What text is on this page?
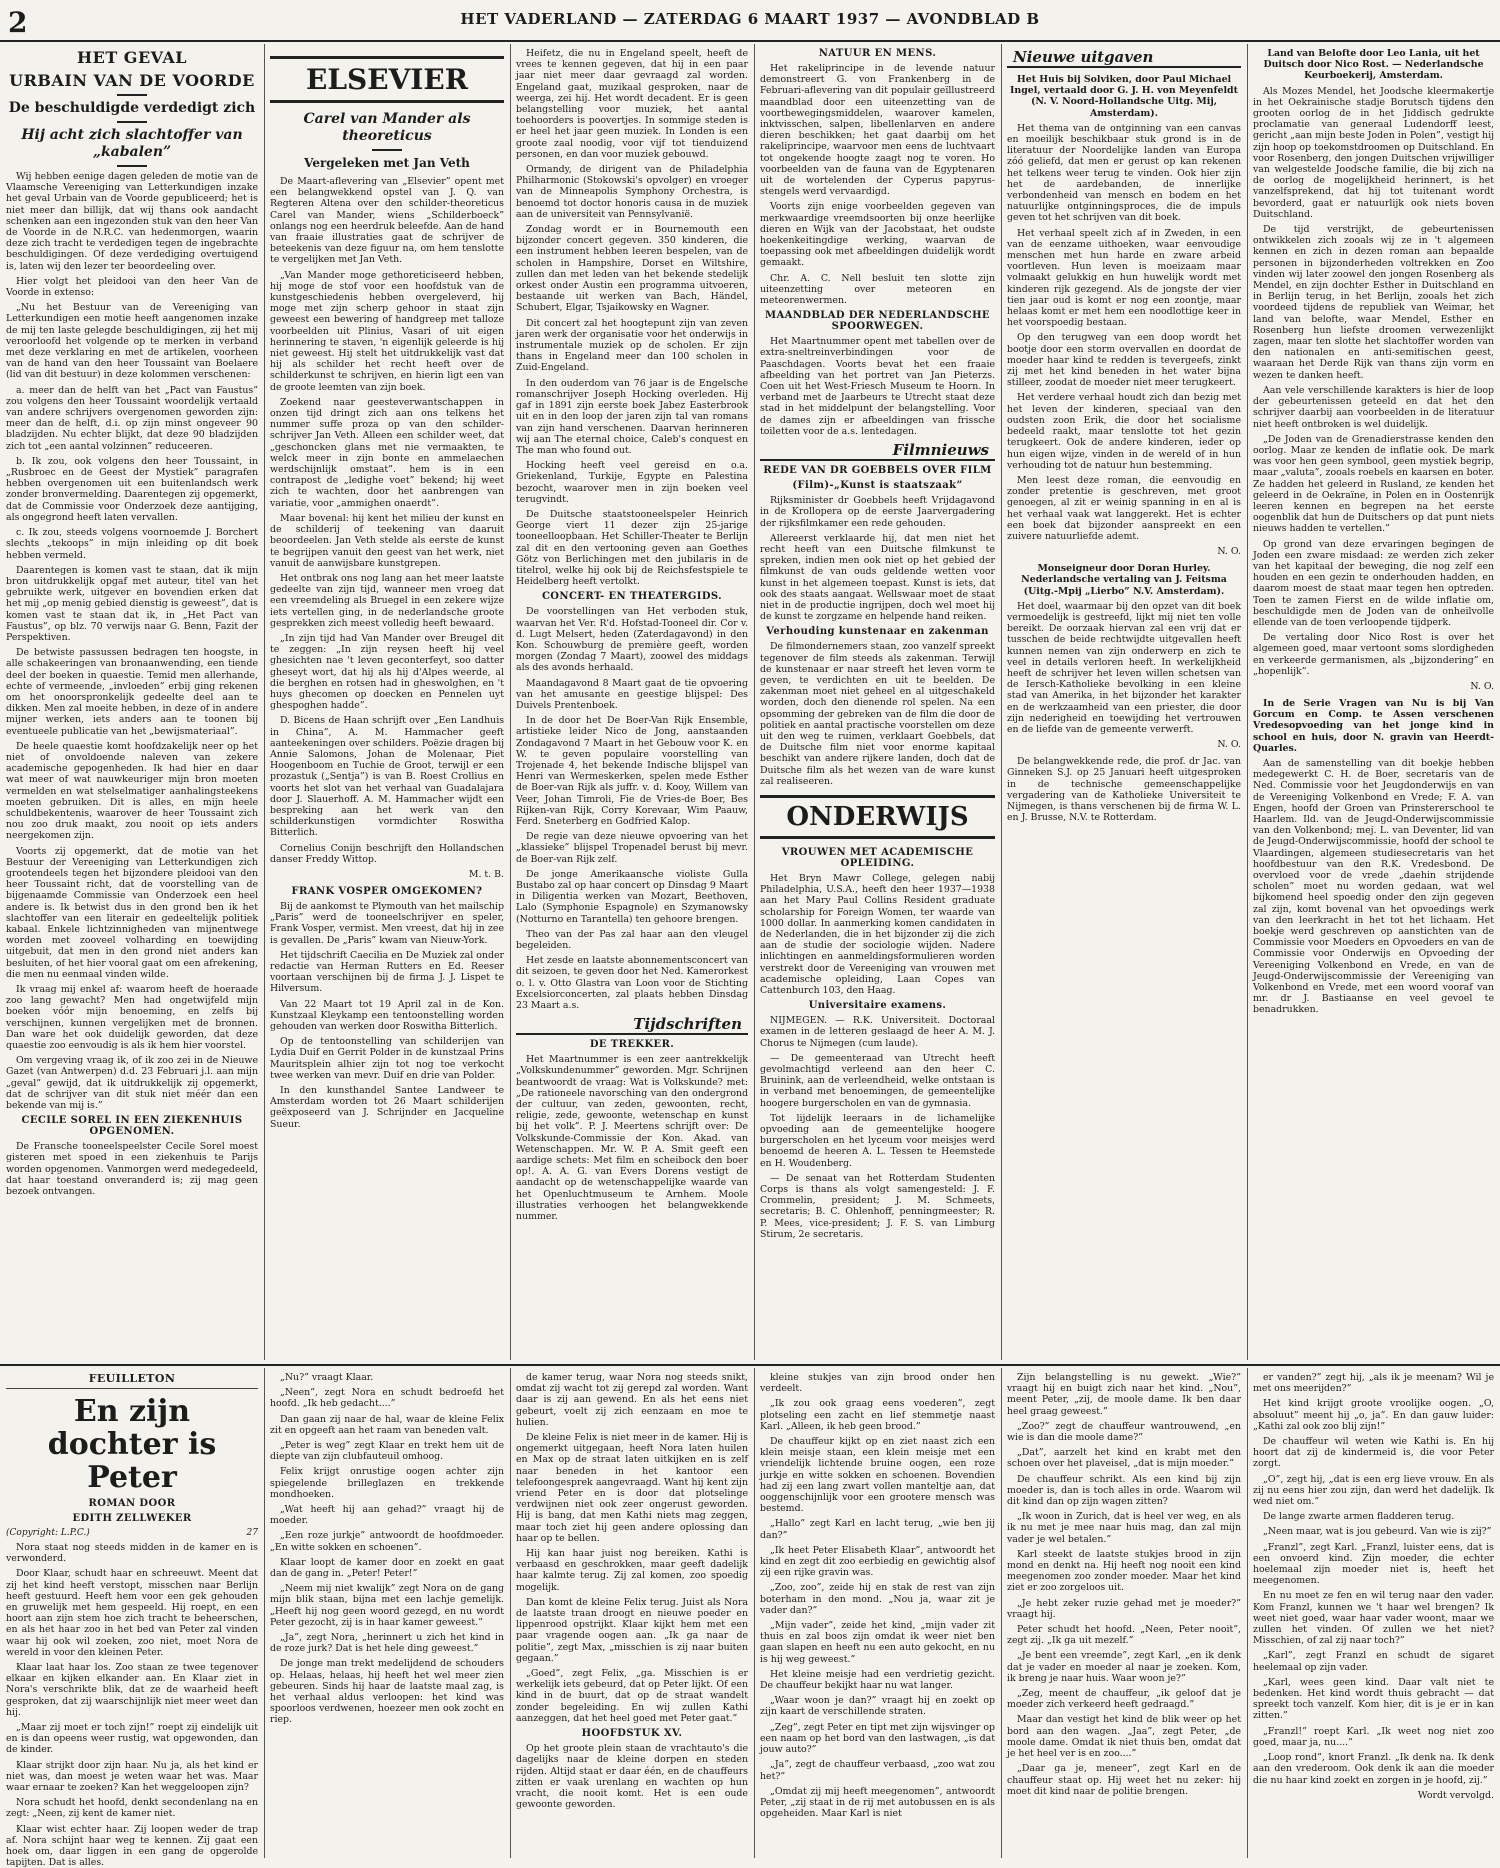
2	HET VADERLAND — ZATERDAG 6 MAART 1937 — AVONDBLAD B
HET GEVAL
URBAIN VAN DE VOORDE
De beschuldigde verdedigt zich
Hij acht zich slachtoffer van „kabalen”

Wij hebben eenige dagen geleden de motie van de Vlaamsche Vereeniging van Letterkundigen inzake het geval Urbain van de Voorde gepubliceerd; het is niet meer dan billijk, dat wij thans ook aandacht schenken aan een ingezonden stuk van den heer Van de Voorde in de N.R.C. van hedenmorgen, waarin deze zich tracht te verdedigen tegen de ingebrachte beschuldigingen. Of deze verdediging overtuigend is, laten wij den lezer ter beoordeeling over.

Hier volgt het pleidooi van den heer Van de Voorde in extenso:

„Nu het Bestuur van de Vereeniging van Letterkundigen een motie heeft aangenomen inzake de mij ten laste gelegde beschuldigingen, zij het mij veroorloofd het volgende op te merken in verband met deze verklaring en met de artikelen, voorheen van de hand van den heer Toussaint van Boelaere (lid van dit bestuur) in deze kolommen verschenen:

a. meer dan de helft van het „Pact van Faustus” zou volgens den heer Toussaint woordelijk vertaald van andere schrijvers overgenomen geworden zijn: meer dan de helft, d.i. op zijn minst ongeveer 90 bladzijden. Nu echter blijkt, dat deze 90 bladzijden zich tot „een aantal volzinnen” reduceeren.

b. Ik zou, ook volgens den heer Toussaint, in „Rusbroec en de Geest der Mystiek” paragrafen hebben overgenomen uit een buitenlandsch werk zonder bronvermelding. Daarentegen zij opgemerkt, dat de Commissie voor Onderzoek deze aantijging, als ongegrond heeft laten vervallen.

c. Ik zou, steeds volgens voornoemde J. Borchert slechts „tekoops” in mijn inleiding op dit boek hebben vermeld.

Daarentegen is komen vast te staan, dat ik mijn bron uitdrukkelijk opgaf met auteur, titel van het gebruikte werk, uitgever en bovendien erken dat het mij „op menig gebied dienstig is geweest”, dat is komen vast te staan dat ik, in „Het Pact van Faustus”, op blz. 70 verwijs naar G. Benn, Fazit der Perspektiven.

De betwiste passussen bedragen ten hoogste, in alle schakeeringen van bronaanwending, een tiende deel der boeken in quaestie. Temid men allerhande, echte of vermeende, „invloeden” erbij ging rekenen om het onoorspronkelijk gedeelte deel aan te dikken. Men zal moeite hebben, in deze of in andere mijner werken, iets anders aan te toonen bij eventueele publicatie van het „bewijsmateriaal”.

De heele quaestie komt hoofdzakelijk neer op het niet of onvoldoende naleven van zekere academische gepogenheden. Ik had hier en daar wat meer of wat nauwkeuriger mijn bron moeten vermelden en wat stelselmatiger aanhalingsteekens moeten gebruiken. Dit is alles, en mijn heele schuldbekentenis, waarover de heer Toussaint zich nou zoo druk maakt, zou nooit op iets anders neergekomen zijn.

Voorts zij opgemerkt, dat de motie van het Bestuur der Vereeniging van Letterkundigen zich grootendeels tegen het bijzondere pleidooi van den heer Toussaint richt, dat de voorstelling van de bijgenaamde Commissie van Onderzoek een heel andere is. Ik betwist dus in den grond ben ik het slachtoffer van een literair en gedeeltelijk politiek kabaal. Enkele lichtzinnigheden van mijnentwege worden met zooveel volharding en toewijding uitgebuit, dat men in den grond niet anders kan besluiten, of het hier vooral gaat om een afrekening, die men nu eenmaal vinden wilde.

Ik vraag mij enkel af: waarom heeft de hoeraade zoo lang gewacht? Men had ongetwijfeld mijn boeken vóór mijn benoeming, en zelfs bij verschijnen, kunnen vergelijken met de bronnen. Dan ware het ook duidelijk geworden, dat deze quaestie zoo eenvoudig is als ik hem hier voorstel.

Om vergeving vraag ik, of ik zoo zei in de Nieuwe Gazet (van Antwerpen) d.d. 23 Februari j.l. aan mijn „geval” gewijd, dat ik uitdrukkelijk zij opgemerkt, dat de schrijver van dit stuk niet méér dan een bekende van mij is.”

CECILE SOREL IN EEN ZIEKENHUIS OPGENOMEN.

De Fransche tooneelspeelster Cecile Sorel moest gisteren met spoed in een ziekenhuis te Parijs worden opgenomen. Vanmorgen werd medegedeeld, dat haar toestand onveranderd is; zij mag geen bezoek ontvangen.

ELSEVIER
Carel van Mander als theoreticus
Vergeleken met Jan Veth

De Maart-aflevering van „Elsevier” opent met een belangwekkend opstel van J. Q. van Regteren Altena over den schilder-theoreticus Carel van Mander, wiens „Schilderboeck” onlangs nog een heerdruk beleefde. Aan de hand van fraaie illustraties gaat de schrijver de beteekenis van deze figuur na, om hem tenslotte te vergelijken met Jan Veth.

„Van Mander moge gethoreticiseerd hebben, hij moge de stof voor een hoofdstuk van de kunstgeschiedenis hebben overgeleverd, hij moge met zijn scherp gehoor in staat zijn geweest een bewering of handgreep met talloze voorbeelden uit Plinius, Vasari of uit eigen herinnering te staven, 'n eigenlijk geleerde is hij niet geweest. Hij stelt het uitdrukkelijk vast dat hij als schilder het recht heeft over de schilderkunst te schrijven, en hierin ligt een van de groote leemten van zijn boek.

Zoekend naar geesteverwantschappen in onzen tijd dringt zich aan ons telkens het nummer suffe proza op van den schilder-schrijver Jan Veth. Alleen een schilder weet, dat „geschoncken glans met nie vermaakten, te welck meer in zijn bonte en ammelaechen werdschijnlijk omstaat”. hem is in een contrapost de „ledighe voet” bekend; hij weet zich te wachten, door het aanbrengen van variatie, voor „ammighen onaerdt”.

Maar bovenal: hij kent het milieu der kunst en de schilderij of teekening van daaruit beoordeelen. Jan Veth stelde als eerste de kunst te begrijpen vanuit den geest van het werk, niet vanuit de aanwijsbare kunstgrepen.

Het ontbrak ons nog lang aan het meer laatste gedeelte van zijn tijd, wanneer men vroeg dat een vreemdeling als Bruegel in een zekere wijze iets vertellen ging, in de nederlandsche groote gesprekken zich meest volledig heeft bewaard.

„In zijn tijd had Van Mander over Breugel dit te zeggen: „In zijn reysen heeft hij veel ghesichten nae 't leven geconterfeyt, soo datter gheseyt wort, dat hij als hij d'Alpes weerde, al die berghen en rotsen had in gheswolghen, en 't huys ghecomen op doecken en Pennelen uyt ghespoghen hadde”.

D. Bicens de Haan schrijft over „Een Landhuis in China”, A. M. Hammacher geeft aanteekeningen over schilders. Poëzie dragen bij Annie Salomons, Johan de Molenaar, Piet Hoogenboom en Tuchie de Groot, terwijl er een prozastuk („Sentja”) is van B. Roest Crollius en voorts het slot van het verhaal van Guadalajara door J. Slauerhoff. A. M. Hammacher wijdt een bespreking aan het werk van den schilderkunstigen vormdichter Roswitha Bitterlich.

Cornelius Conijn beschrijft den Hollandschen danser Freddy Wittop.

M. t. B.
FRANK VOSPER OMGEKOMEN?

Bij de aankomst te Plymouth van het mailschip „Paris” werd de tooneelschrijver en speler, Frank Vosper, vermist. Men vreest, dat hij in zee is gevallen. De „Paris” kwam van Nieuw-York.

Het tijdschrift Caecilia en De Muziek zal onder redactie van Herman Rutters en Ed. Reeser voortaan verschijnen bij de firma J. J. Lispet te Hilversum.

Van 22 Maart tot 19 April zal in de Kon. Kunstzaal Kleykamp een tentoonstelling worden gehouden van werken door Roswitha Bitterlich.

Op de tentoonstelling van schilderijen van Lydia Duif en Gerrit Polder in de kunstzaal Prins Mauritsplein alhier zijn tot nog toe verkocht twee werken van mevr. Duif en drie van Polder.

In den kunsthandel Santee Landweer te Amsterdam worden tot 26 Maart schilderijen geëxposeerd van J. Schrijnder en Jacqueline Sueur.

Heifetz, die nu in Engeland speelt, heeft de vrees te kennen gegeven, dat hij in een paar jaar niet meer daar gevraagd zal worden. Engeland gaat, muzikaal gesproken, naar de weerga, zei hij. Het wordt decadent. Er is geen belangstelling voor muziek, het aantal toehoorders is poovertjes. In sommige steden is er heel het jaar geen muziek. In Londen is een groote zaal noodig, voor vijf tot tienduizend personen, en dan voor muziek gebouwd.

Ormandy, de dirigent van de Philadelphia Philharmonic (Stokowski's opvolger) en vroeger van de Minneapolis Symphony Orchestra, is benoemd tot doctor honoris causa in de muziek aan de universiteit van Pennsylvanië.

Zondag wordt er in Bournemouth een bijzonder concert gegeven. 350 kinderen, die een instrument hebben leeren bespelen, van de scholen in Hampshire, Dorset en Wiltshire, zullen dan met leden van het bekende stedelijk orkest onder Austin een programma uitvoeren, bestaande uit werken van Bach, Händel, Schubert, Elgar, Tsjaikowsky en Wagner.

Dit concert zal het hoogtepunt zijn van zeven jaren werk der organisatie voor het onderwijs in instrumentale muziek op de scholen. Er zijn thans in Engeland meer dan 100 scholen in Zuid-Engeland.

In den ouderdom van 76 jaar is de Engelsche romanschrijver Joseph Hocking overleden. Hij gaf in 1891 zijn eerste boek Jabez Easterbrook uit en in den loop der jaren zijn tal van romans van zijn hand verschenen. Daarvan herinneren wij aan The eternal choice, Caleb's conquest en The man who found out.

Hocking heeft veel gereisd en o.a. Griekenland, Turkije, Egypte en Palestina bezocht, waarover men in zijn boeken veel terugvindt.

De Duitsche staatstooneelspeler Heinrich George viert 11 dezer zijn 25-jarige tooneelloopbaan. Het Schiller-Theater te Berlijn zal dit en den vertooning geven aan Goethes Götz von Berlichingen met den jubilaris in de titelrol, welke hij ook bij de Reichsfestspiele te Heidelberg heeft vertolkt.

CONCERT- EN THEATERGIDS.

De voorstellingen van Het verboden stuk, waarvan het Ver. R'd. Hofstad-Tooneel dir. Cor v. d. Lugt Melsert, heden (Zaterdagavond) in den Kon. Schouwburg de première geeft, worden morgen (Zondag 7 Maart), zoowel des middags als des avonds herhaald.

Maandagavond 8 Maart gaat de tie opvoering van het amusante en geestige blijspel: Des Duivels Prentenboek.

In de door het De Boer-Van Rijk Ensemble, artistieke leider Nico de Jong, aanstaanden Zondagavond 7 Maart in het Gebouw voor K. en W. te geven populaire voorstelling van Trojenade 4, het bekende Indische blijspel van Henri van Wermeskerken, spelen mede Esther de Boer-van Rijk als juffr. v. d. Kooy, Willem van Veer, Johan Timroli, Fie de Vries-de Boer, Bes Rijken-van Rijk, Corry Korevaar, Wim Paauw, Ferd. Sneterberg en Godfried Kalop.

De regie van deze nieuwe opvoering van het „klassieke” blijspel Tropenadel berust bij mevr. de Boer-van Rijk zelf.

De jonge Amerikaansche violiste Gulla Bustabo zal op haar concert op Dinsdag 9 Maart in Diligentia werken van Mozart, Beethoven, Lalo (Symphonie Espagnole) en Szymanowsky (Notturno en Tarantella) ten gehoore brengen.

Theo van der Pas zal haar aan den vleugel begeleiden.

Het zesde en laatste abonnementsconcert van dit seizoen, te geven door het Ned. Kamerorkest o. l. v. Otto Glastra van Loon voor de Stichting Excelsiorconcerten, zal plaats hebben Dinsdag 23 Maart a.s.

Tijdschriften
DE TREKKER.

Het Maartnummer is een zeer aantrekkelijk „Volkskundenummer” geworden. Mgr. Schrijnen beantwoordt de vraag: Wat is Volkskunde? met: „De rationeele navorsching van den ondergrond der cultuur, van zeden, gewoonten, recht, religie, zede, gewoonte, wetenschap en kunst bij het volk”. P. J. Meertens schrijft over: De Volkskunde-Commissie der Kon. Akad. van Wetenschappen. Mr. W. P. A. Smit geeft een aardige schets: Met film en scheibock den boer op!. A. A. G. van Evers Dorens vestigt de aandacht op de wetenschappelijke waarde van het Openluchtmuseum te Arnhem. Moole illustraties verhoogen het belangwekkende nummer.

NATUUR EN MENS.

Het rakeliprincipe in de levende natuur demonstreert G. von Frankenberg in de Februari-aflevering van dit populair geïllustreerd maandblad door een uiteenzetting van de voortbewegingsmiddelen, waarover kamelen, inktvisschen, salpen, libellenlarven en andere dieren beschikken; het gaat daarbij om het rakeliprincipe, waarvoor men eens de luchtvaart tot ongekende hoogte zaagt nog te voren. Ho voorbeelden van de fauna van de Egyptenaren uit de wortelenden der Cyperus papyrus-stengels werd vervaardigd.

Voorts zijn enige voorbeelden gegeven van merkwaardige vreemdsoorten bij onze heerlijke dieren en Wijk van der Jacobstaat, het oudste hoekenkeitingdige werking, waarvan de toepassing ook met afbeeldingen duidelijk wordt gemaakt.

Chr. A. C. Nell besluit ten slotte zijn uiteenzetting over meteoren en meteorenwermen.

MAANDBLAD DER NEDERLANDSCHE SPOORWEGEN.

Het Maartnummer opent met tabellen over de extra-sneltreinverbindingen voor de Paaschdagen. Voorts bevat het een fraaie afbeelding van het portret van Jan Pieterzs. Coen uit het West-Friesch Museum te Hoorn. In verband met de Jaarbeurs te Utrecht staat deze stad in het middelpunt der belangstelling. Voor de dames zijn er afbeeldingen van frissche toiletten voor de a.s. lentedagen.

Filmnieuws
REDE VAN DR GOEBBELS OVER FILM
(Film)-„Kunst is staatszaak”

Rijksminister dr Goebbels heeft Vrijdagavond in de Krollopera op de eerste Jaarvergadering der rijksfilmkamer een rede gehouden.

Allereerst verklaarde hij, dat men niet het recht heeft van een Duitsche filmkunst te spreken, indien men ook niet op het gebied der filmkunst de van ouds geldende wetten voor kunst in het algemeen toepast. Kunst is iets, dat ook des staats aangaat. Wellswaar moet de staat niet in de productie ingrijpen, doch wel moet hij de kunst te zorgzame en helpende hand reiken.

Verhouding kunstenaar en zakenman

De filmondernemers staan, zoo vanzelf spreekt tegenover de film steeds als zakenman. Terwijl de kunstenaar er naar streeft het leven vorm te geven, te verdichten en uit te beelden. De zakenman moet niet geheel en al uitgeschakeld worden, doch den dienende rol spelen. Na een opsomming der gebreken van de film die door de politiek en aantal practische voorstellen om deze uit den weg te ruimen, verklaart Goebbels, dat de Duitsche film niet voor enorme kapitaal beschikt van andere rijkere landen, doch dat de Duitsche film als het wezen van de ware kunst zal realiseeren.

ONDERWIJS
VROUWEN MET ACADEMISCHE OPLEIDING.

Het Bryn Mawr College, gelegen nabij Philadelphia, U.S.A., heeft den heer 1937—1938 aan het Mary Paul Collins Resident graduate scholarship for Foreign Women, ter waarde van 1000 dollar. In aanmerking komen candidaten in de Nederlanden, die in het bijzonder zij die zich aan de studie der sociologie wijden. Nadere inlichtingen en aanmeldingsformulieren worden verstrekt door de Vereeniging van vrouwen met academische opleiding, Laan Copes van Cattenburch 103, den Haag.

Universitaire examens.

NIJMEGEN. — R.K. Universiteit. Doctoraal examen in de letteren geslaagd de heer A. M. J. Chorus te Nijmegen (cum laude).

— De gemeenteraad van Utrecht heeft gevolmachtigd verleend aan den heer C. Bruinink, aan de verleendheid, welke ontstaan is in verband met benoemingen, de gemeentelijke hoogere burgerscholen en van de gymnasia.

Tot lijdelijk leeraars in de lichamelijke opvoeding aan de gemeentelijke hoogere burgerscholen en het lyceum voor meisjes werd benoemd de heeren A. L. Tessen te Heemstede en H. Woudenberg.

— De senaat van het Rotterdam Studenten Corps is thans als volgt samengesteld: J. F. Crommelin, president; J. M. Schmeets, secretaris; B. C. Ohlenhoff, penningmeester; R. P. Mees, vice-president; J. F. S. van Limburg Stirum, 2e secretaris.

Nieuwe uitgaven

Het Huis bij Solviken, door Paul Michael Ingel, vertaald door G. J. H. von Meyenfeldt (N. V. Noord-Hollandsche Uitg. Mij, Amsterdam).

Het thema van de ontginning van een canvas en moeilijk beschikbaar stuk grond is in de literatuur der Noordelijke landen van Europa zóó geliefd, dat men er gerust op kan rekenen het telkens weer terug te vinden. Ook hier zijn het de aardebanden, de innerlijke verbondenheid van mensch en bodem en het natuurlijke ontginningsproces, die de impuls geven tot het schrijven van dit boek.

Het verhaal speelt zich af in Zweden, in een van de eenzame uithoeken, waar eenvoudige menschen met hun harde en zware arbeid voortleven. Hun leven is moeizaam maar volmaakt gelukkig en hun huwelijk wordt met kinderen rijk gezegend. Als de jongste der vier tien jaar oud is komt er nog een zoontje, maar helaas komt er met hem een noodlottige keer in het voorspoedig bestaan.

Op den terugweg van een doop wordt het bootje door een storm overvallen en doordat de moeder haar kind te redden is tevergeefs, zinkt zij met het kind beneden in het water bijna stilleer, zoodat de moeder niet meer terugkeert.

Het verdere verhaal houdt zich dan bezig met het leven der kinderen, speciaal van den oudsten zoon Erik, die door het socialisme bedeeld raakt, maar tenslotte tot het gezin terugkeert. Ook de andere kinderen, ieder op hun eigen wijze, vinden in de wereld of in hun verhouding tot de natuur hun bestemming.

Men leest deze roman, die eenvoudig en zonder pretentie is geschreven, met groot genoegen, al zit er weinig spanning in en al is het verhaal vaak wat langgerekt. Het is echter een boek dat bijzonder aanspreekt en een zuivere natuurliefde ademt.

N. O.

Monseigneur door Doran Hurley. Nederlandsche vertaling van J. Feitsma (Uitg.-Mpij „Lierbo” N.V. Amsterdam).

Het doel, waarmaar bij den opzet van dit boek vermoedelijk is gestreefd, lijkt mij niet ten volle bereikt. De oorzaak hiervan zal een vrij dat er tusschen de beide rechtwijdte uitgevallen heeft kunnen nemen van zijn onderwerp en zich te veel in details verloren heeft. In werkelijkheid heeft de schrijver het leven willen schetsen van de Iersch-Katholieke bevolking in een kleine stad van Amerika, in het bijzonder het karakter en de werkzaamheid van een priester, die door zijn nederigheid en toewijding het vertrouwen en de liefde van de gemeente verwerft.

N. O.

De belangwekkende rede, die prof. dr Jac. van Ginneken S.J. op 25 Januari heeft uitgesproken in de technische gemeenschappelijke vergadering van de Katholieke Universiteit te Nijmegen, is thans verschenen bij de firma W. L. en J. Brusse, N.V. te Rotterdam.

Land van Belofte door Leo Lania, uit het Duitsch door Nico Rost. — Nederlandsche Keurboekerij, Amsterdam.

Als Mozes Mendel, het Joodsche kleermakertje in het Oekrainische stadje Borutsch tijdens den grooten oorlog de in het Jiddisch gedrukte proclamatie van generaal Ludendorff leest, gericht „aan mijn beste Joden in Polen”, vestigt hij zijn hoop op toekomstdroomen op Duitschland. En voor Rosenberg, den jongen Duitschen vrijwilliger van welgestelde Joodsche familie, die bij zich na de oorlog de mogelijkheid herinnert, is het vanzelfsprekend, dat hij tot tuitenant wordt bevorderd, gaat er natuurlijk ook niets boven Duitschland.

De tijd verstrijkt, de gebeurtenissen ontwikkelen zich zooals wij ze in 't algemeen kennen en zich in dezen roman aan bepaalde personen in bijzonderheden voltrekken en Zoo vinden wij later zoowel den jongen Rosenberg als Mendel, en zijn dochter Esther in Duitschland en in Berlijn terug, in het Berlijn, zooals het zich voordeed tijdens de republiek van Weimar, het land van belofte, waar Mendel, Esther en Rosenberg hun liefste droomen verwezenlijkt zagen, maar ten slotte het slachtoffer worden van den nationalen en anti-semitischen geest, waaraan het Derde Rijk van thans zijn vorm en wezen te danken heeft.

Aan vele verschillende karakters is hier de loop der gebeurtenissen geteeld en dat het den schrijver daarbij aan voorbeelden in de literatuur niet heeft ontbroken is wel duidelijk.

„De Joden van de Grenadierstrasse kenden den oorlog. Maar ze kenden de inflatie ook. De mark was voor hen geen symbool, geen mystiek begrip, maar „valuta”, zooals roebels en kaarsen en boter. Ze hadden het geleerd in Rusland, ze kenden het geleerd in de Oekraïne, in Polen en in Oostenrijk leeren kennen en begrepen na het eerste oogenblik dat hun de Duitschers op dat punt niets nieuws hadden te vertellen.”

Op grond van deze ervaringen begingen de Joden een zware misdaad: ze werden zich zeker van het kapitaal der beweging, die nog zelf een houden en een gezin te onderhouden hadden, en daarom moest de staat maar tegen hen optreden. Toen te zamen Fierst en de wilde inflatie om, beschuldigde men de Joden van de onheilvolle ellende van de toen verloopende tijdperk.

De vertaling door Nico Rost is over het algemeen goed, maar vertoont soms slordigheden en verkeerde germanismen, als „bijzondering” en „hopenlijk”.

N. O.

In de Serie Vragen van Nu is bij Van Gorcum en Comp. te Assen verschenen Vredesopvoeding van het jonge kind in school en huis, door N. gravin van Heerdt-Quarles.

Aan de samenstelling van dit boekje hebben medegewerkt C. H. de Boer, secretaris van de Ned. Commissie voor het Jeugdonderwijs en van de Vereeniging Volkenbond en Vrede; F. A. van Engen, hoofd der Groen van Prinstererschool te Haarlem. Ild. van de Jeugd-Onderwijscommissie van den Volkenbond; mej. L. van Deventer, lid van de Jeugd-Onderwijscommissie, hoofd der school te Vlaardingen, algemeen studiesecretaris van het hoofdbestuur van den R.K. Vredesbond. De overvloed voor de vrede „daehin strijdende scholen” moet nu worden gedaan, wat wel bijkomend heel spoedig onder den zijn gegeven zal zijn, komt bovenal van het opvoedings werk van den leerkracht in het tot het lichaam. Het boekje werd geschreven op aanstichten van de Commissie voor Moeders en Opvoeders en van de Commissie voor Onderwijs en Opvoeding der Vereeniging Volkenbond en Vrede, en van de Jeugd-Onderwijscommissie der Vereeniging van Volkenbond en Vrede, met een woord vooraf van mr. dr J. Bastiaanse en veel gevoel te benadrukken.

FEUILLETON
En zijn dochter is Peter
ROMAN DOOR
EDITH ZELLWEKER
(Copyright: L.P.C.)	27

Nora staat nog steeds midden in de kamer en is verwonderd.

Door Klaar, schudt haar en schreeuwt. Meent dat zij het kind heeft verstopt, misschen naar Berlijn heeft gestuurd. Heeft hem voor een gek gehouden en gruwelijk met hem gespeeld. Hij roept, en een hoort aan zijn stem hoe zich tracht te beheerschen, en als het haar zoo in het bed van Peter zal vinden waar hij ook wil zoeken, zoo niet, moet Nora de wereld in voor den kleinen Peter.

Klaar laat haar los. Zoo staan ze twee tegenover elkaar en kijken elkander aan. En Klaar ziet in Nora's verschrikte blik, dat ze de waarheid heeft gesproken, dat zij waarschijnlijk niet meer weet dan hij.

„Maar zij moet er toch zijn!” roept zij eindelijk uit en is dan opeens weer rustig, wat opgewonden, dan de kinder.

Klaar strijkt door zijn haar. Nu ja, als het kind er niet was, dan moest je weten waar het was. Maar waar ernaar te zoeken? Kan het weggeloopen zijn?

Nora schudt het hoofd, denkt secondenlang na en zegt: „Neen, zij kent de kamer niet.

Klaar wist echter haar. Zij loopen weder de trap af. Nora schijnt haar weg te kennen. Zij gaat een hoek om, daar liggen in een gang de opgerolde tapijten. Dat is alles.

„Nu?” vraagt Klaar.

„Neen”, zegt Nora en schudt bedroefd het hoofd. „Ik heb gedacht....”

Dan gaan zij naar de hal, waar de kleine Felix zit en opgeeft aan het raam van beneden valt.

„Peter is weg” zegt Klaar en trekt hem uit de diepte van zijn clubfauteuil omhoog.

Felix krijgt onrustige oogen achter zijn spiegelende brilleglazen en trekkende mondhoeken.

„Wat heeft hij aan gehad?” vraagt hij de moeder.

„Een roze jurkje” antwoordt de hoofdmoeder. „En witte sokken en schoenen”.

Klaar loopt de kamer door en zoekt en gaat dan de gang in. „Peter! Peter!”

„Neem mij niet kwalijk” zegt Nora on de gang mijn blik staan, bijna met een lachje gemelijk. „Heeft hij nog geen woord gezegd, en nu wordt Peter gezocht, zij is in haar kamer geweest.”

„Ja”, zegt Nora, „herinnert u zich het kind in de roze jurk? Dat is het hele ding geweest.”

De jonge man trekt medelijdend de schouders op. Helaas, helaas, hij heeft het wel meer zien gebeuren. Sinds hij haar de laatste maal zag, is het verhaal aldus verloopen: het kind was spoorloos verdwenen, hoezeer men ook zocht en riep.

de kamer terug, waar Nora nog steeds snikt, omdat zij wacht tot zij gerepd zal worden. Want daar is zij aan gewend. En als het eens niet gebeurt, voelt zij zich eenzaam en moe te hulien.

De kleine Felix is niet meer in de kamer. Hij is ongemerkt uitgegaan, heeft Nora laten huilen en Max op de straat laten uitkijken en is zelf naar beneden in het kantoor een telefoongesprek aangevraagd. Want hij kent zijn vriend Peter en is door dat plotselinge verdwijnen niet ook zeer ongerust geworden. Hij is bang, dat men Kathi niets mag zeggen, maar toch ziet hij geen andere oplossing dan haar op te bellen.

Hij kan haar juist nog bereiken. Kathi is verbaasd en geschrokken, maar geeft dadelijk haar kalmte terug. Zij zal komen, zoo spoedig mogelijk.

Dan komt de kleine Felix terug. Juist als Nora de laatste traan droogt en nieuwe poeder en lippenrood opstrijkt. Klaar kijkt hem met een paar vragende oogen aan. „Ik ga naar de politie”, zegt Max, „misschien is zij naar buiten gegaan.”

„Goed”, zegt Felix, „ga. Misschien is er werkelijk iets gebeurd, dat op Peter lijkt. Of een kind in de buurt, dat op de straat wandelt zonder begeleiding. En wij zullen Kathi aanzeggen, dat het heel goed met Peter gaat.”

HOOFDSTUK XV.

Op het groote plein staan de vrachtauto's die dagelijks naar de kleine dorpen en steden rijden. Altijd staat er daar één, en de chauffeurs zitten er vaak urenlang en wachten op hun vracht, die nooit komt. Het is een oude gewoonte geworden.

kleine stukjes van zijn brood onder hen verdeelt.

„Ik zou ook graag eens voederen”, zegt plotseling een zacht en lief stemmetje naast Karl. „Alleen, ik heb geen brood.”

De chauffeur kijkt op en ziet naast zich een klein meisje staan, een klein meisje met een vriendelijk lichtende bruine oogen, een roze jurkje en witte sokken en schoenen. Bovendien had zij een lang zwart vollen manteltje aan, dat ooggenschijnlijk voor een grootere mensch was bestemd.

„Hallo” zegt Karl en lacht terug, „wie ben jij dan?”

„Ik heet Peter Elisabeth Klaar”, antwoordt het kind en zegt dit zoo eerbiedig en gewichtig alsof zij een rijke gravin was.

„Zoo, zoo”, zeide hij en stak de rest van zijn boterham in den mond. „Nou ja, waar zit je vader dan?”

„Mijn vader”, zeide het kind, „mijn vader zit thuis en zal boos zijn omdat ik weer niet ben gaan slapen en heeft nu een auto gekocht, en nu is hij weg geweest.”

Het kleine meisje had een verdrietig gezicht. De chauffeur bekijkt haar nu wat langer.

„Waar woon je dan?” vraagt hij en zoekt op zijn kaart de verschillende straten.

„Zeg”, zegt Peter en tipt met zijn wijsvinger op een naam op het bord van den lastwagen, „is dat jouw auto?”

„Ja”, zegt de chauffeur verbaasd, „zoo wat zou het?”

„Omdat zij mij heeft meegenomen”, antwoordt Peter, „zij staat in de rij met autobussen en is als opgeheiden. Maar Karl is niet

Zijn belangstelling is nu gewekt. „Wie?” vraagt hij en buigt zich naar het kind. „Nou”, meent Peter, „zij, de moole dame. Ik ben daar heel graag geweest.”

„Zoo?” zegt de chauffeur wantrouwend, „en wie is dan die moole dame?”

„Dat”, aarzelt het kind en krabt met den schoen over het plaveisel, „dat is mijn moeder.”

De chauffeur schrikt. Als een kind bij zijn moeder is, dan is toch alles in orde. Waarom wil dit kind dan op zijn wagen zitten?

„Ik woon in Zurich, dat is heel ver weg, en als ik nu met je mee naar huis mag, dan zal mijn vader je wel betalen.”

Karl steekt de laatste stukjes brood in zijn mond en denkt na. Hij heeft nog nooit een kind meegenomen zoo zonder moeder. Maar het kind ziet er zoo zorgeloos uit.

„Je hebt zeker ruzie gehad met je moeder?” vraagt hij.

Peter schudt het hoofd. „Neen, Peter nooit”, zegt zij. „Ik ga uit mezelf.”

„Je bent een vreemde”, zegt Karl, „en ik denk dat je vader en moeder al naar je zoeken. Kom, ik breng je naar huis. Waar woon je?”

„Zeg, meent de chauffeur, „ik geloof dat je moeder zich verkeerd heeft gedraagd.”

Maar dan vestigt het kind de blik weer op het bord aan den wagen. „Jaa”, zegt Peter, „de moole dame. Omdat ik niet thuis ben, omdat dat je het heel ver is en zoo....”

„Daar ga je, meneer”, zegt Karl en de chauffeur staat op. Hij weet het nu zeker: hij moet dit kind naar de politie brengen.

er vanden?” zegt hij, „als ik je meenam? Wil je met ons meerijden?”

Het kind krijgt groote vroolijke oogen. „O, absoluut” meent hij „o, ja”. En dan gauw luider: „Kathi zal ook zoo blij zijn!”

De chauffeur wil weten wie Kathi is. En hij hoort dat zij de kindermeid is, die voor Peter zorgt.

„O”, zegt hij, „dat is een erg lieve vrouw. En als zij nu eens hier zou zijn, dan werd het dadelijk. Ik wed niet om.”

De lange zwarte armen fladderen terug.

„Neen maar, wat is jou gebeurd. Van wie is zij?”

„Franzl”, zegt Karl. „Franzl, luister eens, dat is een onvoerd kind. Zijn moeder, die echter hoelemaal zijn moeder niet is, heeft het meegenomen.

En nu moet ze fen en wil terug naar den vader. Kom Franzl, kunnen we 't haar wel brengen? Ik weet niet goed, waar haar vader woont, maar we zullen het vinden. Of zullen we het niet? Misschien, of zal zij naar toch?”

„Karl”, zegt Franzl en schudt de sigaret heelemaal op zijn vader.

„Karl, wees geen kind. Daar valt niet te bedenken. Het kind wordt thuis gebracht — dat spreekt toch vanzelf. Kom hier, dit is je er in kan zitten.”

„Franzl!” roept Karl. „Ik weet nog niet zoo goed, maar ja, nu....”

„Loop rond”, knort Franzl. „Ik denk na. Ik denk aan den vrederoom. Ook denk ik aan die moeder die nu haar kind zoekt en zorgen in je hoofd, zij.”

Wordt vervolgd.
